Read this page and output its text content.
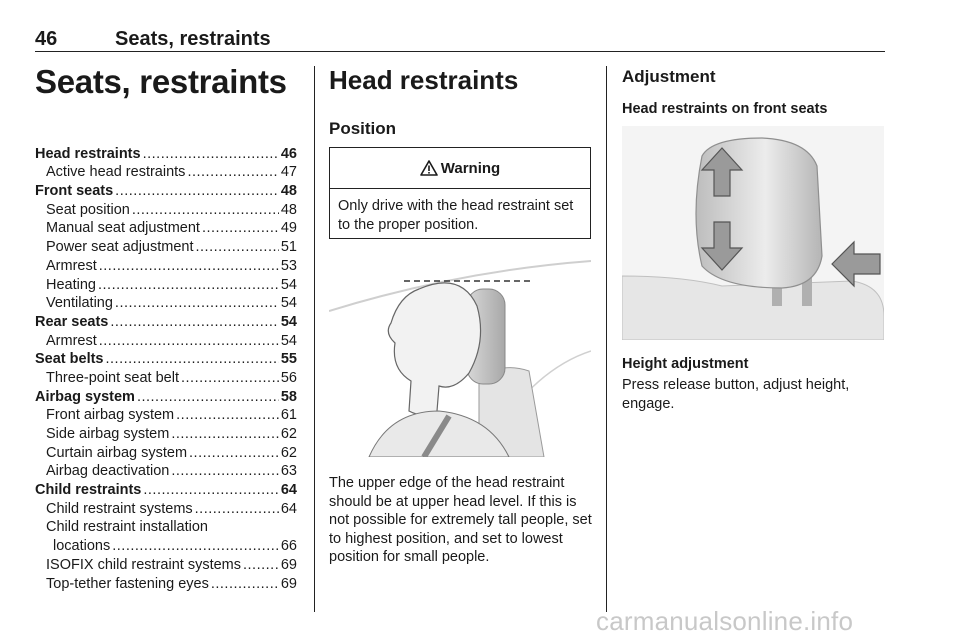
46	Seats, restraints
Seats, restraints
Head restraints .....	46
Active head restraints .....	47
Front seats .....	48
Seat position .....	48
Manual seat adjustment .....	49
Power seat adjustment .....	51
Armrest .....	53
Heating .....	54
Ventilating .....	54
Rear seats .....	54
Armrest .....	54
Seat belts .....	55
Three-point seat belt .....	56
Airbag system .....	58
Front airbag system .....	61
Side airbag system .....	62
Curtain airbag system .....	62
Airbag deactivation .....	63
Child restraints .....	64
Child restraint systems .....	64
Child restraint installation
locations .....	66
ISOFIX child restraint systems .....	69
Top-tether fastening eyes .....	69
Head restraints
Position
Warning
Only drive with the head restraint set to the proper position.
The upper edge of the head restraint should be at upper head level. If this is not possible for extremely tall people, set to highest position, and set to lowest position for small people.
Adjustment
Head restraints on front seats
Height adjustment
Press release button, adjust height, engage.
carmanualsonline.info
